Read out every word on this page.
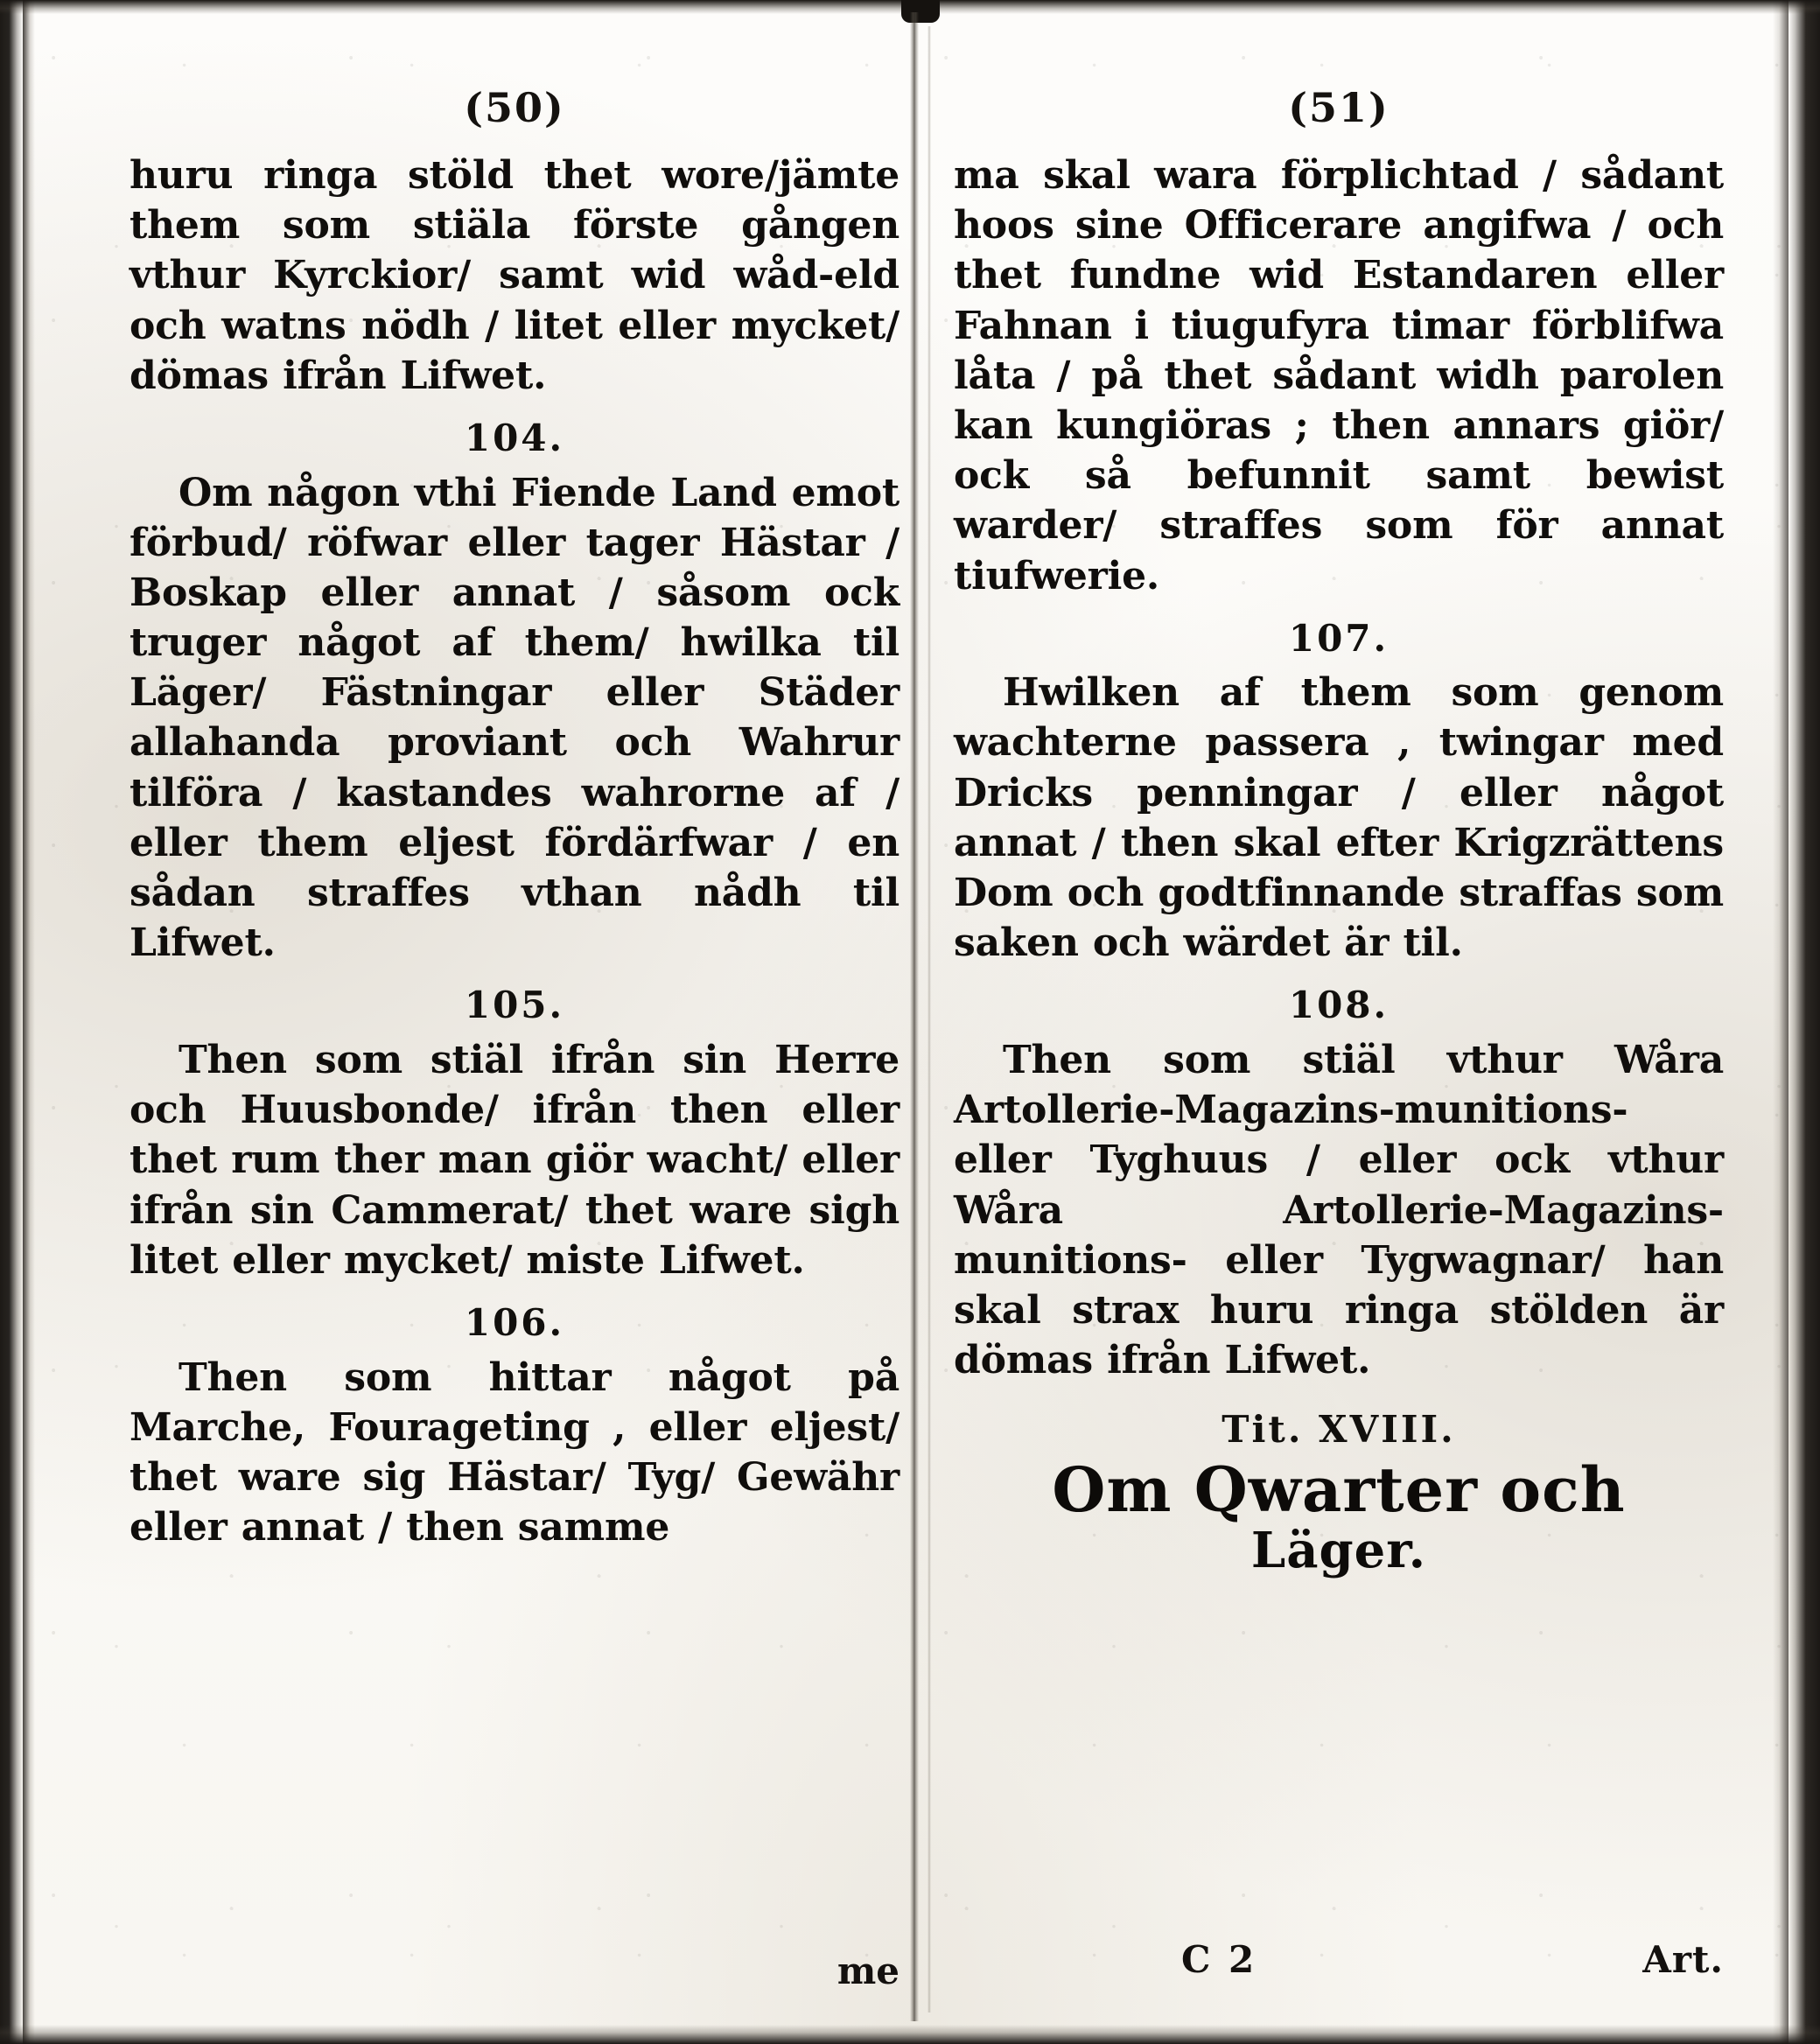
(50)
huru ringa stöld thet wore/jämte them som stiäla förste gången vthur Kyrckior/ samt wid wåd-eld och watns nödh / litet eller mycket/ dömas ifrån Lifwet.
104.
Om någon vthi Fiende Land emot förbud/ röfwar eller tager Hästar / Boskap eller annat / såsom ock truger något af them/ hwilka til Läger/ Fästningar eller Städer allahanda proviant och Wahrur tilföra / kastandes wahrorne af / eller them eljest fördärfwar / en sådan straffes vthan nådh til Lifwet.
105.
Then som stiäl ifrån sin Herre och Huusbonde/ ifrån then eller thet rum ther man giör wacht/ eller ifrån sin Cammerat/ thet ware sigh litet eller mycket/ miste Lifwet.
106.
Then som hittar något på Marche, Fourageting , eller eljest/ thet ware sig Hästar/ Tyg/ Gewähr eller annat / then samme
me
(51)
ma skal wara förplichtad / sådant hoos sine Officerare angifwa / och thet fundne wid Estandaren eller Fahnan i tiugufyra timar förblifwa låta / på thet sådant widh parolen kan kungiöras ; then annars giör/ ock så befunnit samt bewist warder/ straffes som för annat tiufwerie.
107.
Hwilken af them som genom wachterne passera , twingar med Dricks penningar / eller något annat / then skal efter Krigzrättens Dom och godtfinnande straffas som saken och wärdet är til.
108.
Then som stiäl vthur Wåra Artollerie-Magazins-munitions- eller Tyghuus / eller ock vthur Wåra Artollerie-Magazins-munitions- eller Tygwagnar/ han skal strax huru ringa stölden är dömas ifrån Lifwet.
Tit. XVIII.
Om Qwarter och
Läger.
C 2	Art.
